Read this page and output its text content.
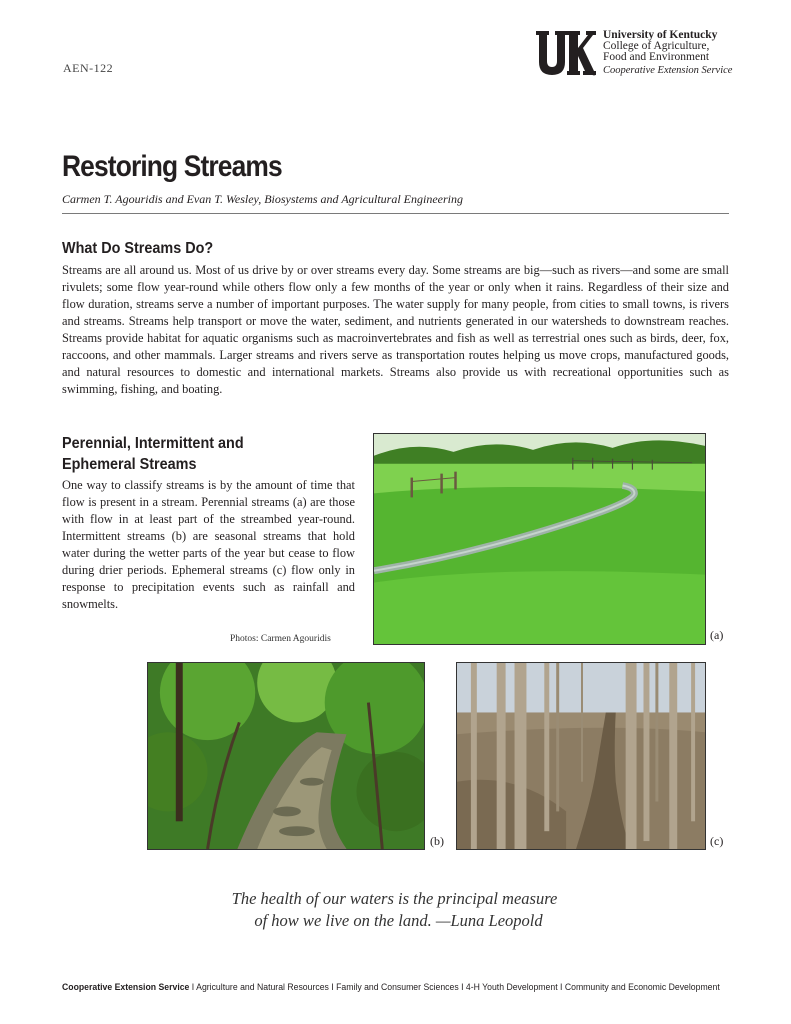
AEN-122	®
University of Kentucky
College of Agriculture,
Food and Environment
Cooperative Extension Service
Restoring Streams
Carmen T. Agouridis and Evan T. Wesley, Biosystems and Agricultural Engineering
What Do Streams Do?

Streams are all around us. Most of us drive by or over streams every day. Some streams are big—such as rivers—and some are small rivulets; some flow year-round while others flow only a few months of the year or only when it rains. Regardless of their size and flow duration, streams serve a number of important purposes. The water supply for many people, from cities to small towns, is rivers and streams. Streams help transport or move the water, sediment, and nutrients generated in our watersheds to downstream reaches. Streams provide habitat for aquatic organisms such as macroinvertebrates and fish as well as terrestrial ones such as birds, deer, fox, raccoons, and other mammals. Larger streams and rivers serve as transportation routes helping us move crops, manufactured goods, and natural resources to domestic and international markets. Streams also provide us with recreational opportunities such as swimming, fishing, and boating.

Perennial, Intermittent and
Ephemeral Streams

One way to classify streams is by the amount of time that flow is present in a stream. Perennial streams (a) are those with flow in at least part of the streambed year-round. Intermittent streams (b) are seasonal streams that hold water during the wetter parts of the year but cease to flow during drier periods. Ephemeral streams (c) flow only in response to precipitation events such as rainfall and snowmelts.

Photos: Carmen Agouridis	(a)
(b)	(c)
The health of our waters is the principal measure
of how we live on the land. —Luna Leopold
Cooperative Extension Service I Agriculture and Natural Resources I Family and Consumer Sciences I 4-H Youth Development I Community and Economic Development
